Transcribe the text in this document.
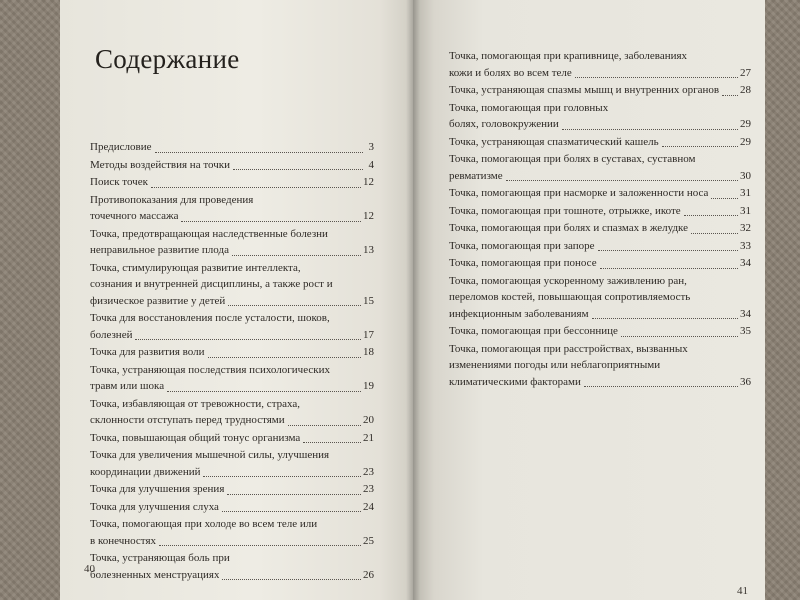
Содержание
Предисловие	3
Методы воздействия на точки	4
Поиск точек	12
Противопоказания для проведения
точечного массажа	12
Точка, предотвращающая наследственные болезни
неправильное развитие плода	13
Точка, стимулирующая развитие интеллекта,
сознания и внутренней дисциплины, а также рост и
физическое развитие у детей	15
Точка для восстановления после усталости, шоков,
болезней	17
Точка для развития воли	18
Точка, устраняющая последствия психологических
травм или шока	19
Точка, избавляющая от тревожности, страха,
склонности отступать перед трудностями	20
Точка, повышающая общий тонус организма	21
Точка для увеличения мышечной силы, улучшения
координации движений	23
Точка для улучшения зрения	23
Точка для улучшения слуха	24
Точка, помогающая при холоде во всем теле или
в конечностях	25
Точка, устраняющая боль при
болезненных менструациях	26
Точка, помогающая при крапивнице, заболеваниях
кожи и болях во всем теле	27
Точка, устраняющая спазмы мышц и внутренних органов 28
Точка, помогающая при головных
болях, головокружении	29
Точка, устраняющая спазматический кашель	29
Точка, помогающая при болях в суставах, суставном
ревматизме	30
Точка, помогающая при насморке и заложенности носа	31
Точка, помогающая при тошноте, отрыжке, икоте	31
Точка, помогающая при болях и спазмах в желудке	32
Точка, помогающая при запоре	33
Точка, помогающая при поносе	34
Точка, помогающая ускоренному заживлению ран,
переломов костей, повышающая сопротивляемость
инфекционным заболеваниям	34
Точка, помогающая при бессоннице	35
Точка, помогающая при расстройствах, вызванных
изменениями погоды или неблагоприятными
климатическими факторами	36
40
41
